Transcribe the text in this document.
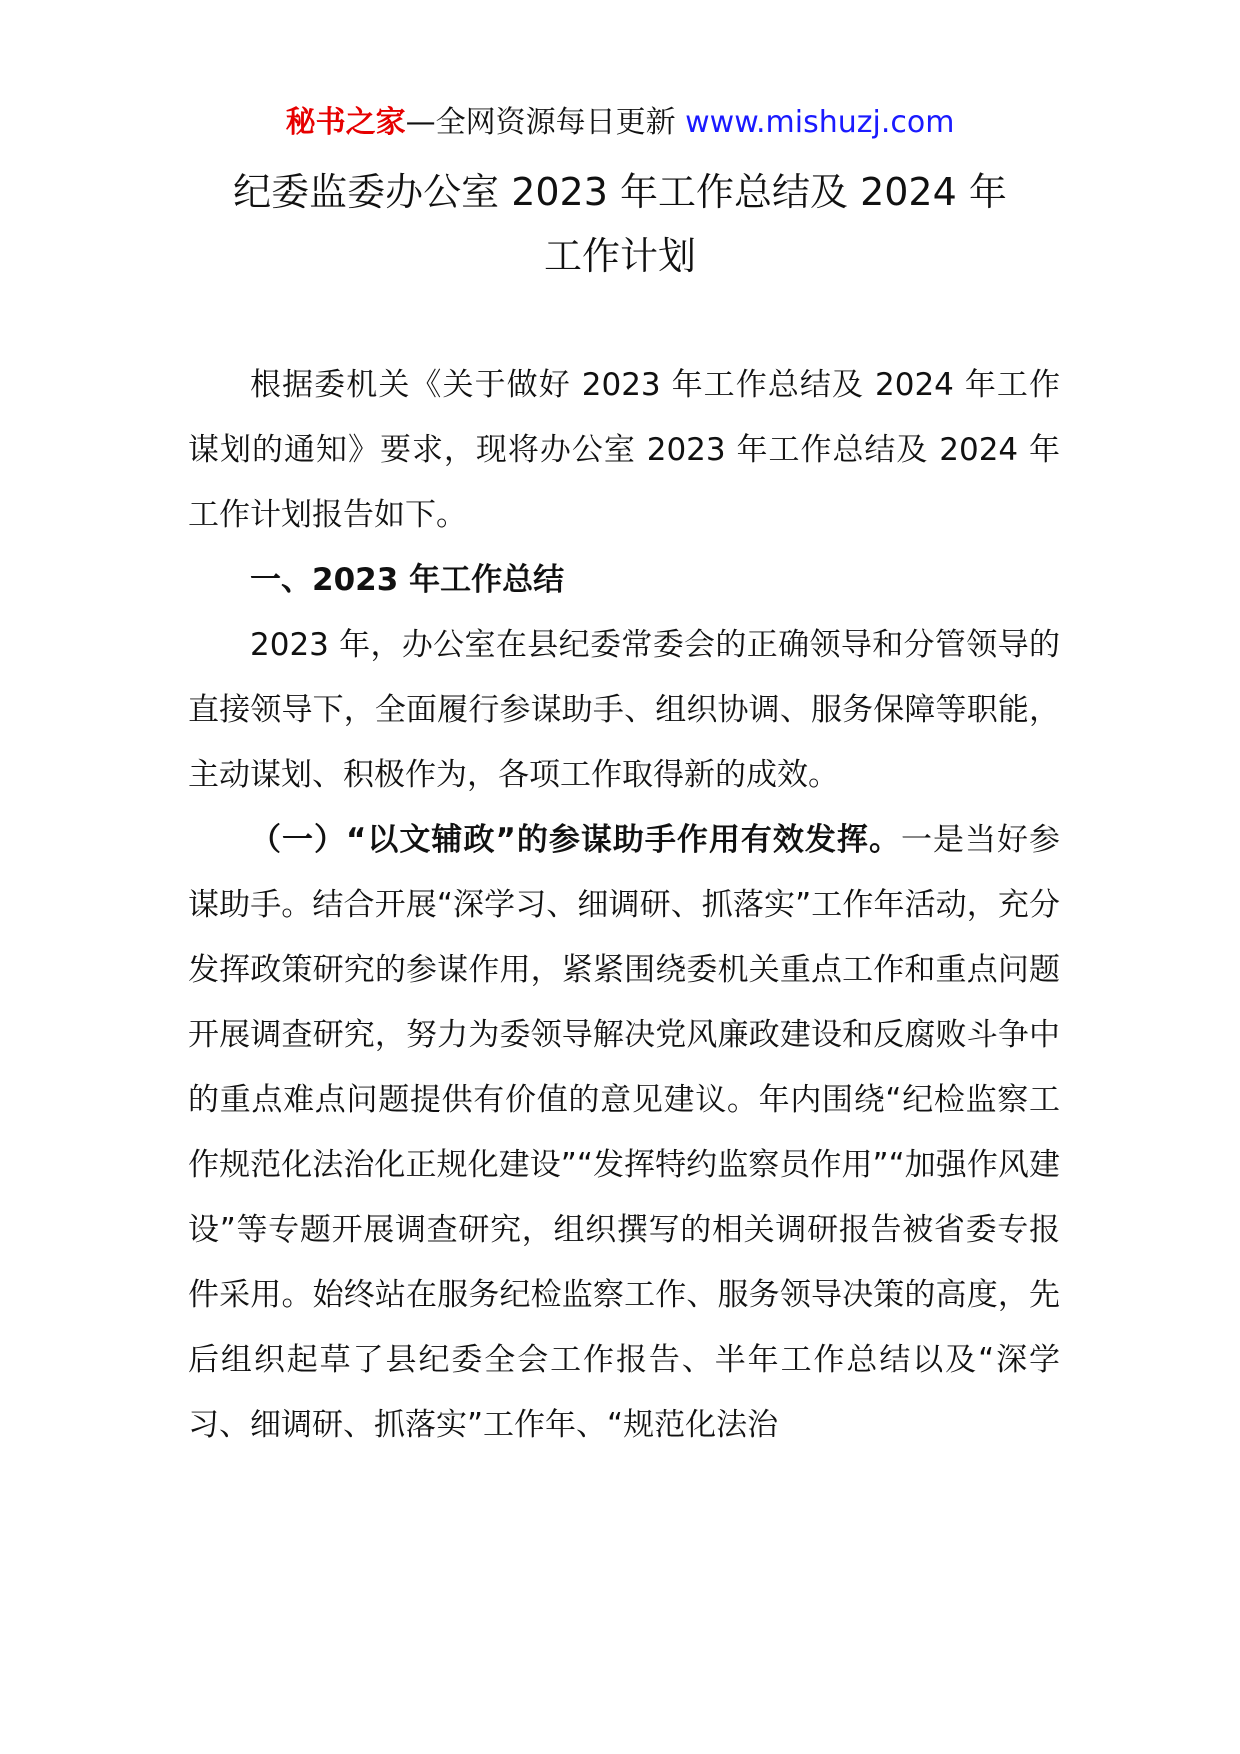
秘书之家—全网资源每日更新 www.mishuzj.com
纪委监委办公室 2023 年工作总结及 2024 年
工作计划

根据委机关《关于做好 2023 年工作总结及 2024 年工作谋划的通知》要求，现将办公室 2023 年工作总结及 2024 年工作计划报告如下。

一、2023 年工作总结

2023 年，办公室在县纪委常委会的正确领导和分管领导的直接领导下，全面履行参谋助手、组织协调、服务保障等职能，主动谋划、积极作为，各项工作取得新的成效。

（一）“以文辅政”的参谋助手作用有效发挥。一是当好参谋助手。结合开展“深学习、细调研、抓落实”工作年活动，充分发挥政策研究的参谋作用，紧紧围绕委机关重点工作和重点问题开展调查研究，努力为委领导解决党风廉政建设和反腐败斗争中的重点难点问题提供有价值的意见建议。年内围绕“纪检监察工作规范化法治化正规化建设”“发挥特约监察员作用”“加强作风建设”等专题开展调查研究，组织撰写的相关调研报告被省委专报件采用。始终站在服务纪检监察工作、服务领导决策的高度，先后组织起草了县纪委全会工作报告、半年工作总结以及“深学习、细调研、抓落实”工作年、“规范化法治
